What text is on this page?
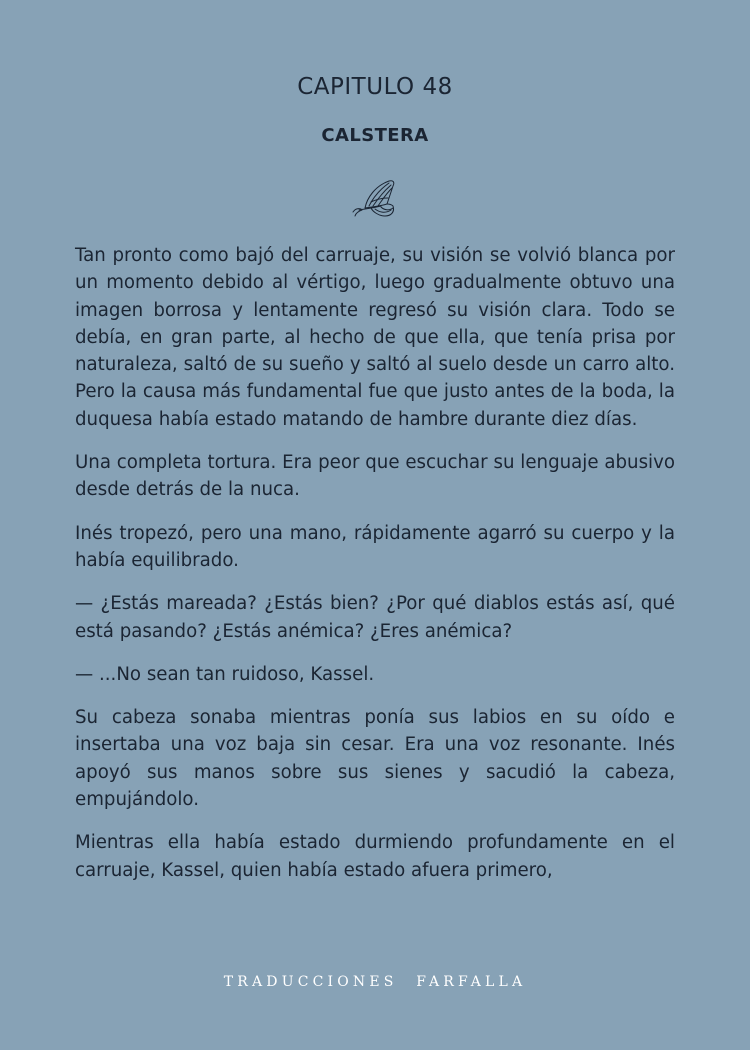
CAPITULO 48
CALSTERA

Tan pronto como bajó del carruaje, su visión se volvió blanca por un momento debido al vértigo, luego gradualmente obtuvo una imagen borrosa y lentamente regresó su visión clara. Todo se debía, en gran parte, al hecho de que ella, que tenía prisa por naturaleza, saltó de su sueño y saltó al suelo desde un carro alto. Pero la causa más fundamental fue que justo antes de la boda, la duquesa había estado matando de hambre durante diez días.

Una completa tortura. Era peor que escuchar su lenguaje abusivo desde detrás de la nuca.

Inés tropezó, pero una mano, rápidamente agarró su cuerpo y la había equilibrado.

— ¿Estás mareada? ¿Estás bien? ¿Por qué diablos estás así, qué está pasando? ¿Estás anémica? ¿Eres anémica?

— ...No sean tan ruidoso, Kassel.

Su cabeza sonaba mientras ponía sus labios en su oído e insertaba una voz baja sin cesar. Era una voz resonante. Inés apoyó sus manos sobre sus sienes y sacudió la cabeza, empujándolo.

Mientras ella había estado durmiendo profundamente en el carruaje, Kassel, quien había estado afuera primero,

TRADUCCIONES FARFALLA
